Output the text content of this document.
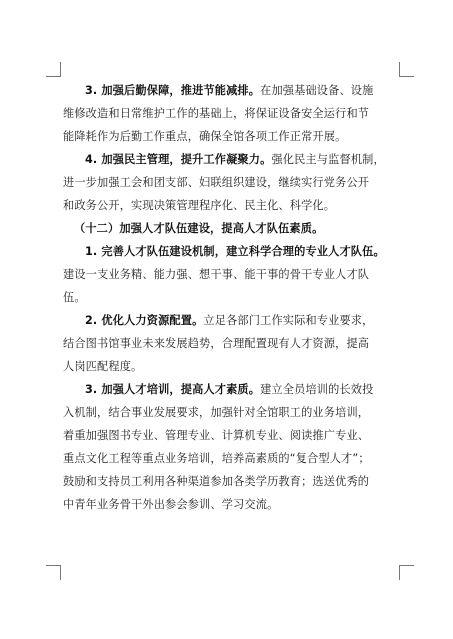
3. 加强后勤保障，推进节能减排。在加强基础设备、设施
维修改造和日常维护工作的基础上，将保证设备安全运行和节
能降耗作为后勤工作重点，确保全馆各项工作正常开展。
4. 加强民主管理，提升工作凝聚力。强化民主与监督机制，
进一步加强工会和团支部、妇联组织建设，继续实行党务公开
和政务公开，实现决策管理程序化、民主化、科学化。
（十二）加强人才队伍建设，提高人才队伍素质。
1. 完善人才队伍建设机制，建立科学合理的专业人才队伍。
建设一支业务精、能力强、想干事、能干事的骨干专业人才队
伍。
2. 优化人力资源配置。立足各部门工作实际和专业要求，
结合图书馆事业未来发展趋势，合理配置现有人才资源，提高
人岗匹配程度。
3. 加强人才培训，提高人才素质。建立全员培训的长效投
入机制，结合事业发展要求，加强针对全馆职工的业务培训，
着重加强图书专业、管理专业、计算机专业、阅读推广专业、
重点文化工程等重点业务培训，培养高素质的“复合型人才”；
鼓励和支持员工利用各种渠道参加各类学历教育；选送优秀的
中青年业务骨干外出参会参训、学习交流。
